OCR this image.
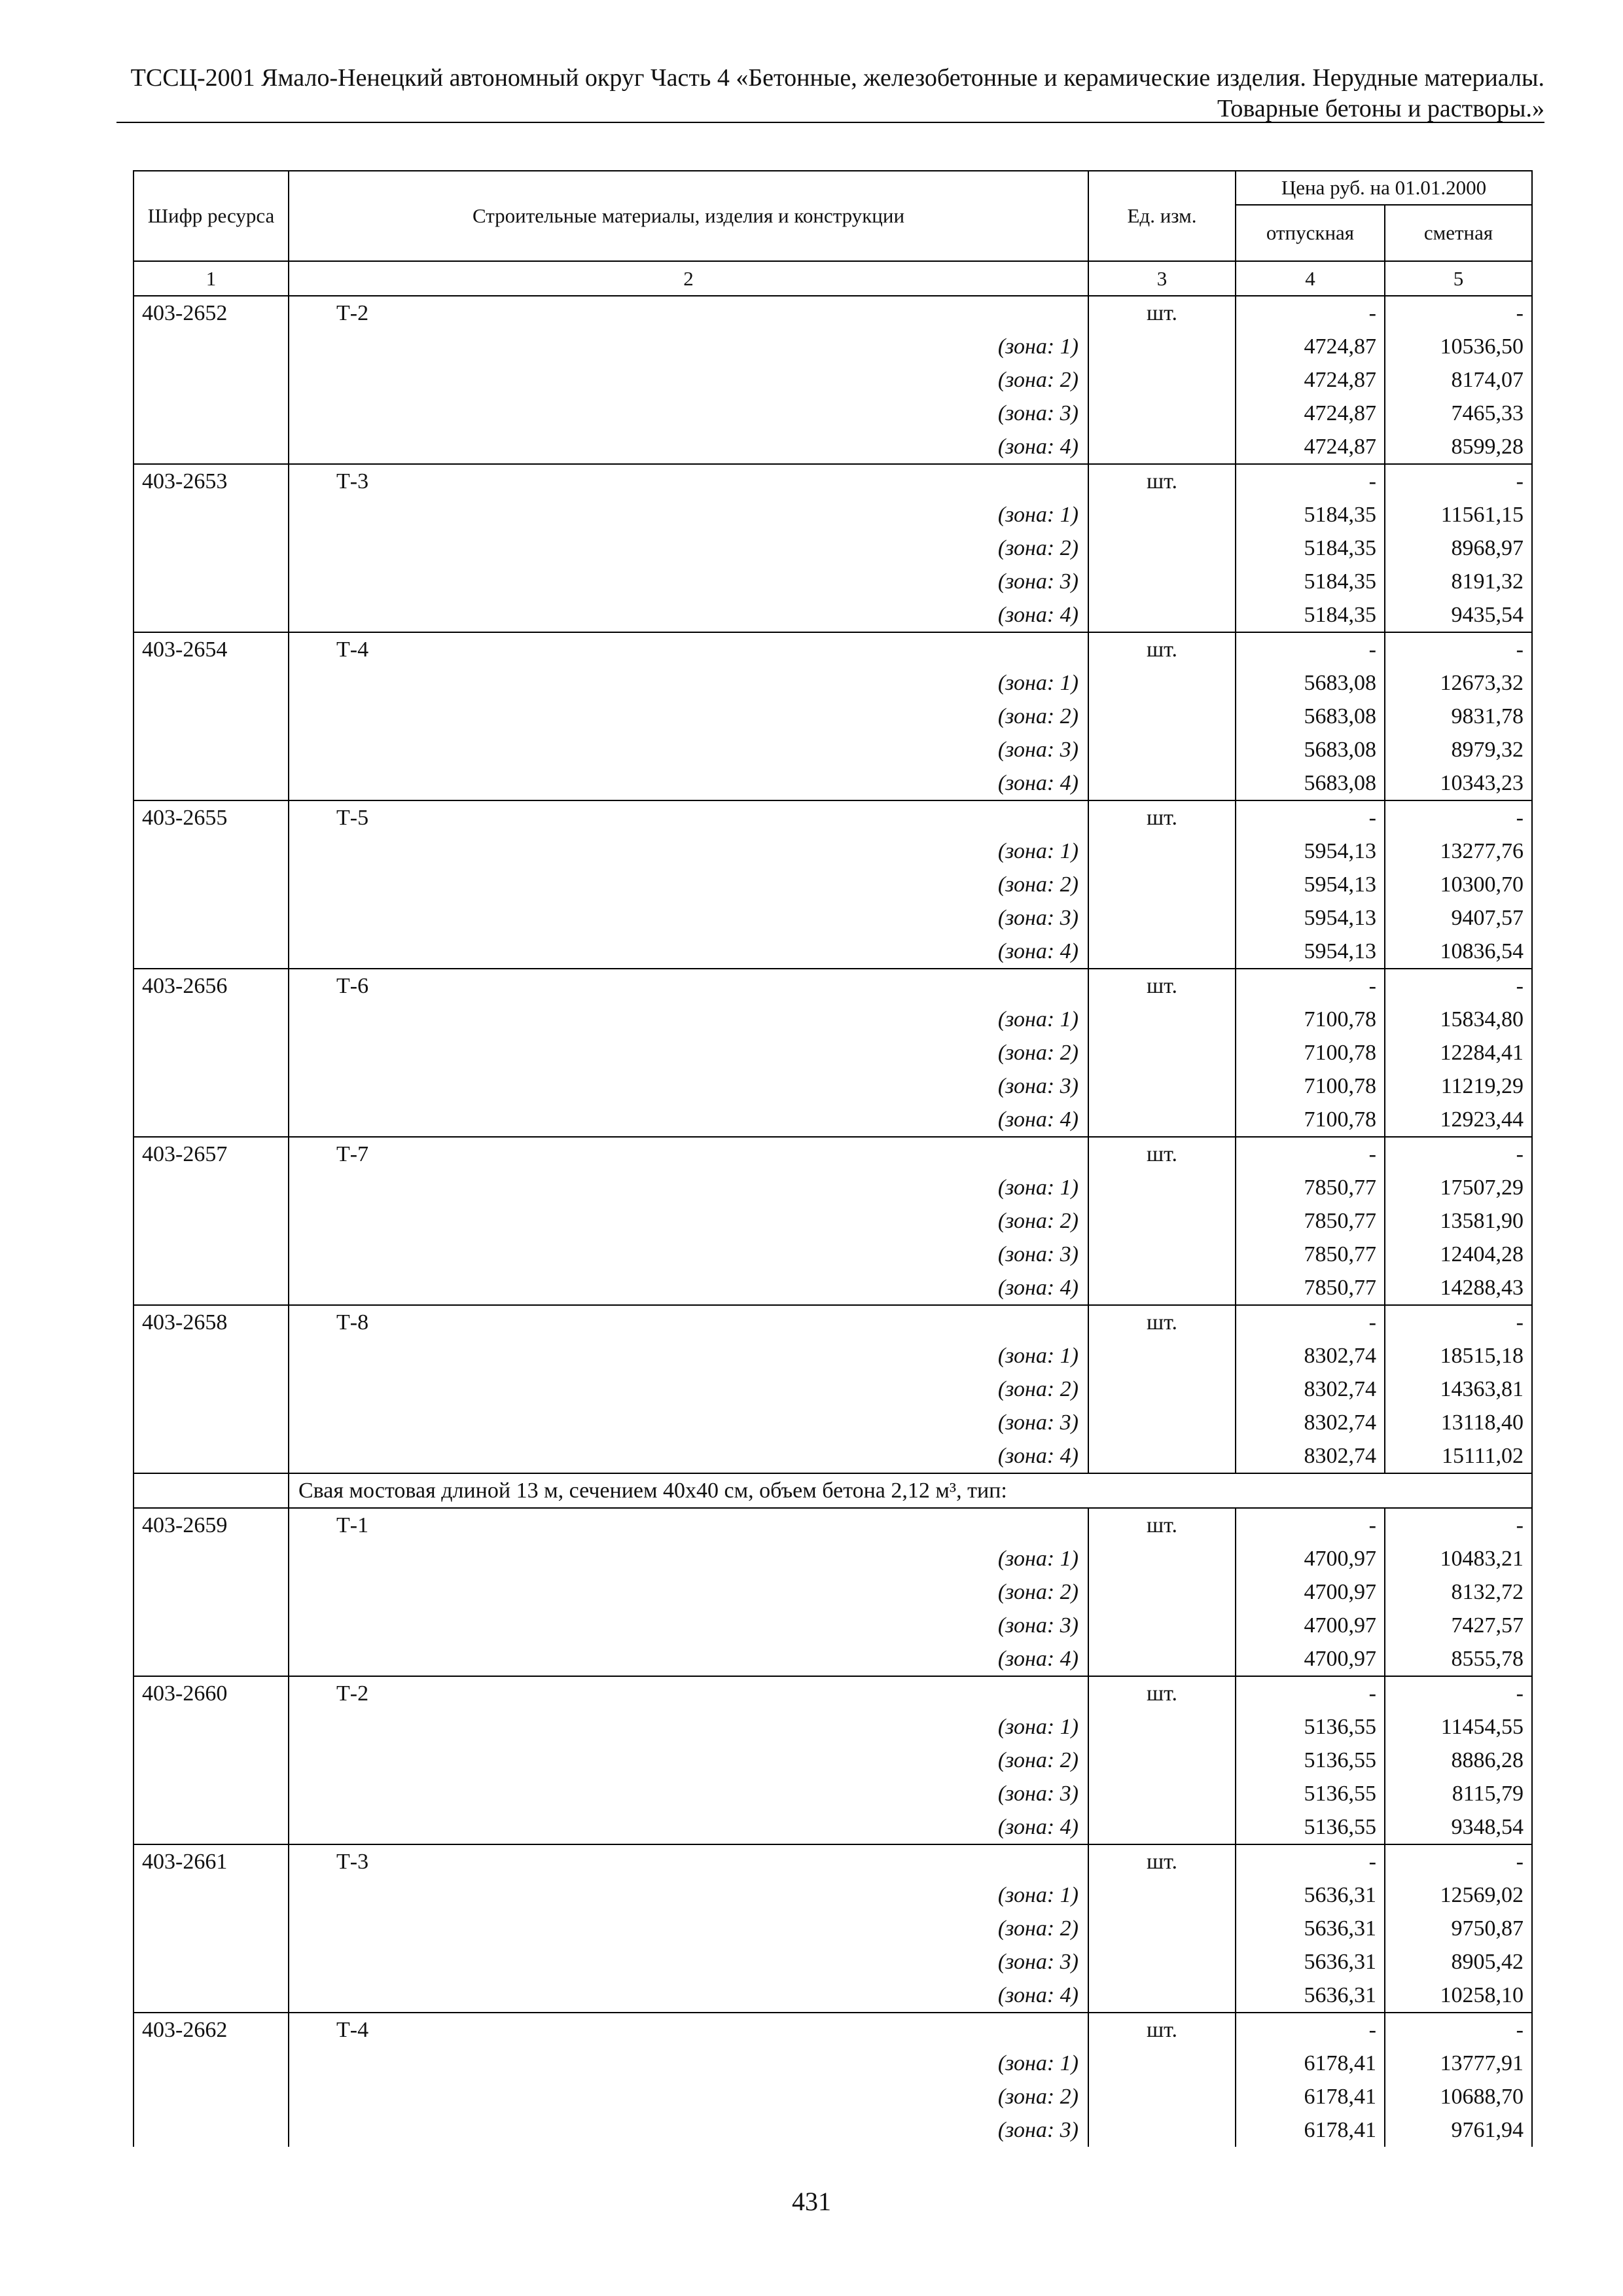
ТССЦ-2001 Ямало-Ненецкий автономный округ Часть 4 «Бетонные, железобетонные и керамические изделия. Нерудные материалы.
Товарные бетоны и растворы.»
Шифр ресурса	Строительные материалы, изделия и конструкции	Ед. изм.	Цена руб. на 01.01.2000	
			отпускная	сметная
1	2	3	4	5
403-2652	Т-2	шт.	-	-
	(зона: 1)		4724,87	10536,50
	(зона: 2)		4724,87	8174,07
	(зона: 3)		4724,87	7465,33
	(зона: 4)		4724,87	8599,28
403-2653	Т-3	шт.	-	-
	(зона: 1)		5184,35	11561,15
	(зона: 2)		5184,35	8968,97
	(зона: 3)		5184,35	8191,32
	(зона: 4)		5184,35	9435,54
403-2654	Т-4	шт.	-	-
	(зона: 1)		5683,08	12673,32
	(зона: 2)		5683,08	9831,78
	(зона: 3)		5683,08	8979,32
	(зона: 4)		5683,08	10343,23
403-2655	Т-5	шт.	-	-
	(зона: 1)		5954,13	13277,76
	(зона: 2)		5954,13	10300,70
	(зона: 3)		5954,13	9407,57
	(зона: 4)		5954,13	10836,54
403-2656	Т-6	шт.	-	-
	(зона: 1)		7100,78	15834,80
	(зона: 2)		7100,78	12284,41
	(зона: 3)		7100,78	11219,29
	(зона: 4)		7100,78	12923,44
403-2657	Т-7	шт.	-	-
	(зона: 1)		7850,77	17507,29
	(зона: 2)		7850,77	13581,90
	(зона: 3)		7850,77	12404,28
	(зона: 4)		7850,77	14288,43
403-2658	Т-8	шт.	-	-
	(зона: 1)		8302,74	18515,18
	(зона: 2)		8302,74	14363,81
	(зона: 3)		8302,74	13118,40
	(зона: 4)		8302,74	15111,02
	Свая мостовая длиной 13 м, сечением 40х40 см, объем бетона 2,12 м³, тип:			
403-2659	Т-1	шт.	-	-
	(зона: 1)		4700,97	10483,21
	(зона: 2)		4700,97	8132,72
	(зона: 3)		4700,97	7427,57
	(зона: 4)		4700,97	8555,78
403-2660	Т-2	шт.	-	-
	(зона: 1)		5136,55	11454,55
	(зона: 2)		5136,55	8886,28
	(зона: 3)		5136,55	8115,79
	(зона: 4)		5136,55	9348,54
403-2661	Т-3	шт.	-	-
	(зона: 1)		5636,31	12569,02
	(зона: 2)		5636,31	9750,87
	(зона: 3)		5636,31	8905,42
	(зона: 4)		5636,31	10258,10
403-2662	Т-4	шт.	-	-
	(зона: 1)		6178,41	13777,91
	(зона: 2)		6178,41	10688,70
	(зона: 3)		6178,41	9761,94
431
